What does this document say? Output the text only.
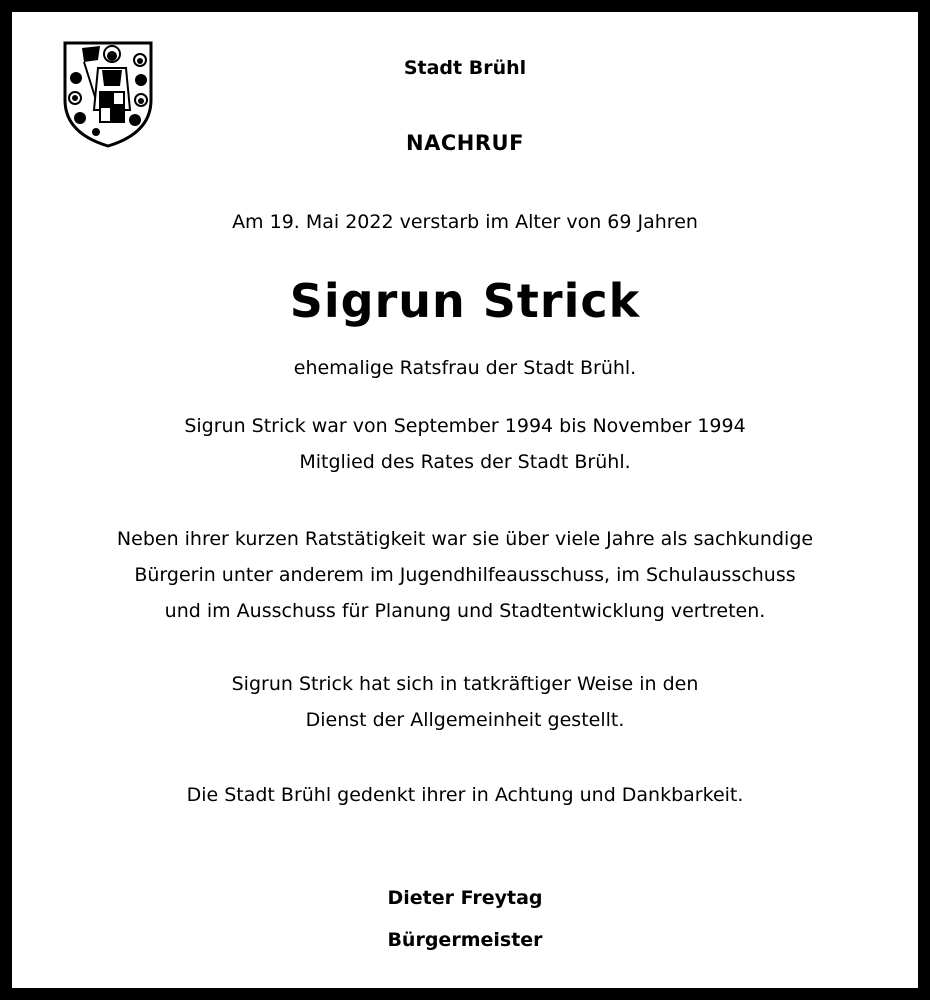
Stadt Brühl

NACHRUF

Am 19. Mai 2022 verstarb im Alter von 69 Jahren

Sigrun Strick

ehemalige Ratsfrau der Stadt Brühl.

Sigrun Strick war von September 1994 bis November 1994
Mitglied des Rates der Stadt Brühl.
Neben ihrer kurzen Ratstätigkeit war sie über viele Jahre als sachkundige
Bürgerin unter anderem im Jugendhilfeausschuss, im Schulausschuss
und im Ausschuss für Planung und Stadtentwicklung vertreten.
Sigrun Strick hat sich in tatkräftiger Weise in den
Dienst der Allgemeinheit gestellt.
Die Stadt Brühl gedenkt ihrer in Achtung und Dankbarkeit.

Dieter Freytag

Bürgermeister
